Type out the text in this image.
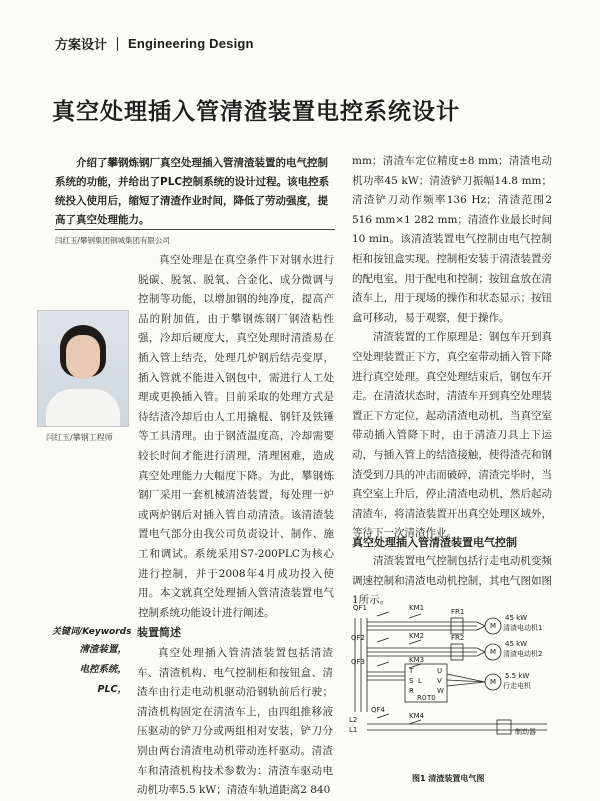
方案设计 Engineering Design
真空处理插入管清渣装置电控系统设计
介绍了攀钢炼钢厂真空处理插入管清渣装置的电气控制系统的功能，并给出了PLC控制系统的设计过程。该电控系统投入使用后，缩短了清渣作业时间，降低了劳动强度，提高了真空处理能力。
闫红玉/攀钢集团钢城集团有限公司
闫红玉/攀钢工程师

真空处理是在真空条件下对钢水进行脱碳、脱氢、脱氧、合金化、成分微调与控制等功能，以增加钢的纯净度，提高产品的附加值，由于攀钢炼钢厂钢渣粘性强，冷却后硬度大，真空处理时清渣易在插入管上结壳，处理几炉钢后结壳变厚，插入管就不能进入钢包中，需进行人工处理或更换插入管。目前采取的处理方式是待结渣冷却后由人工用撬棍、钢钎及铁锤等工具清理。由于钢渣温度高，冷却需要较长时间才能进行清理，清理困难，造成真空处理能力大幅度下降。为此，攀钢炼钢厂采用一套机械清渣装置，每处理一炉或两炉钢后对插入管自动清渣。该清渣装置电气部分由我公司负责设计、制作、施工和调试。系统采用S7-200PLC为核心进行控制，并于2008年4月成功投入使用。本文就真空处理插入管清渣装置电气控制系统功能设计进行阐述。

关键词/Keywords
清渣装置，
电控系统，
PLC，
装置简述

真空处理插入管清渣装置包括清渣车、清渣机构、电气控制柜和按钮盒、清渣车由行走电动机驱动沿钢轨前后行驶；清渣机构固定在清渣车上，由四组推移液压驱动的铲刀分或两组相对安装，铲刀分别由两台清渣电动机带动连杆驱动。清渣车和清渣机构技术参数为：清渣车驱动电动机功率5.5 kW；清渣车轨道距离2 840

mm；清渣车定位精度±8 mm；清渣电动机功率45 kW；清渣铲刀振幅14.8 mm；清渣铲刀动作频率136 Hz；清渣范围2 516 mm×1 282 mm；清渣作业最长时间10 min。该清渣装置电气控制由电气控制柜和按钮盒实现。控制柜安装于清渣装置旁的配电室，用于配电和控制；按钮盒放在清渣车上，用于现场的操作和状态显示；按钮盒可移动，易于观察，便于操作。

清渣装置的工作原理是：钢包车开到真空处理装置正下方，真空室带动插入管下降进行真空处理。真空处理结束后，钢包车开走。在清渣状态时，清渣车开到真空处理装置正下方定位，起动清渣电动机，当真空室带动插入管降下时，由于清渣刀具上下运动，与插入管上的结渣接触，使得渣壳和钢渣受到刀具的冲击而破碎，清渣完毕时，当真空室上升后，停止清渣电动机，然后起动清渣车，将清渣装置开出真空处理区域外，等待下一次清渣作业。

真空处理插入管清渣装置电气控制

清渣装置电气控制包括行走电动机变频调速控制和清渣电动机控制，其电气图如图1所示。

QF1
QF2
QF3
QF4
KM1
KM2
KM3
KM4
FR1
FR2
M
M
M
45 kW
清渣电动机1
45 kW
清渣电动机2
5.5 kW
行走电机
T
S
R
U
V
W
R0 T0
L
制动器
L2
L1
图1 清渣装置电气图
